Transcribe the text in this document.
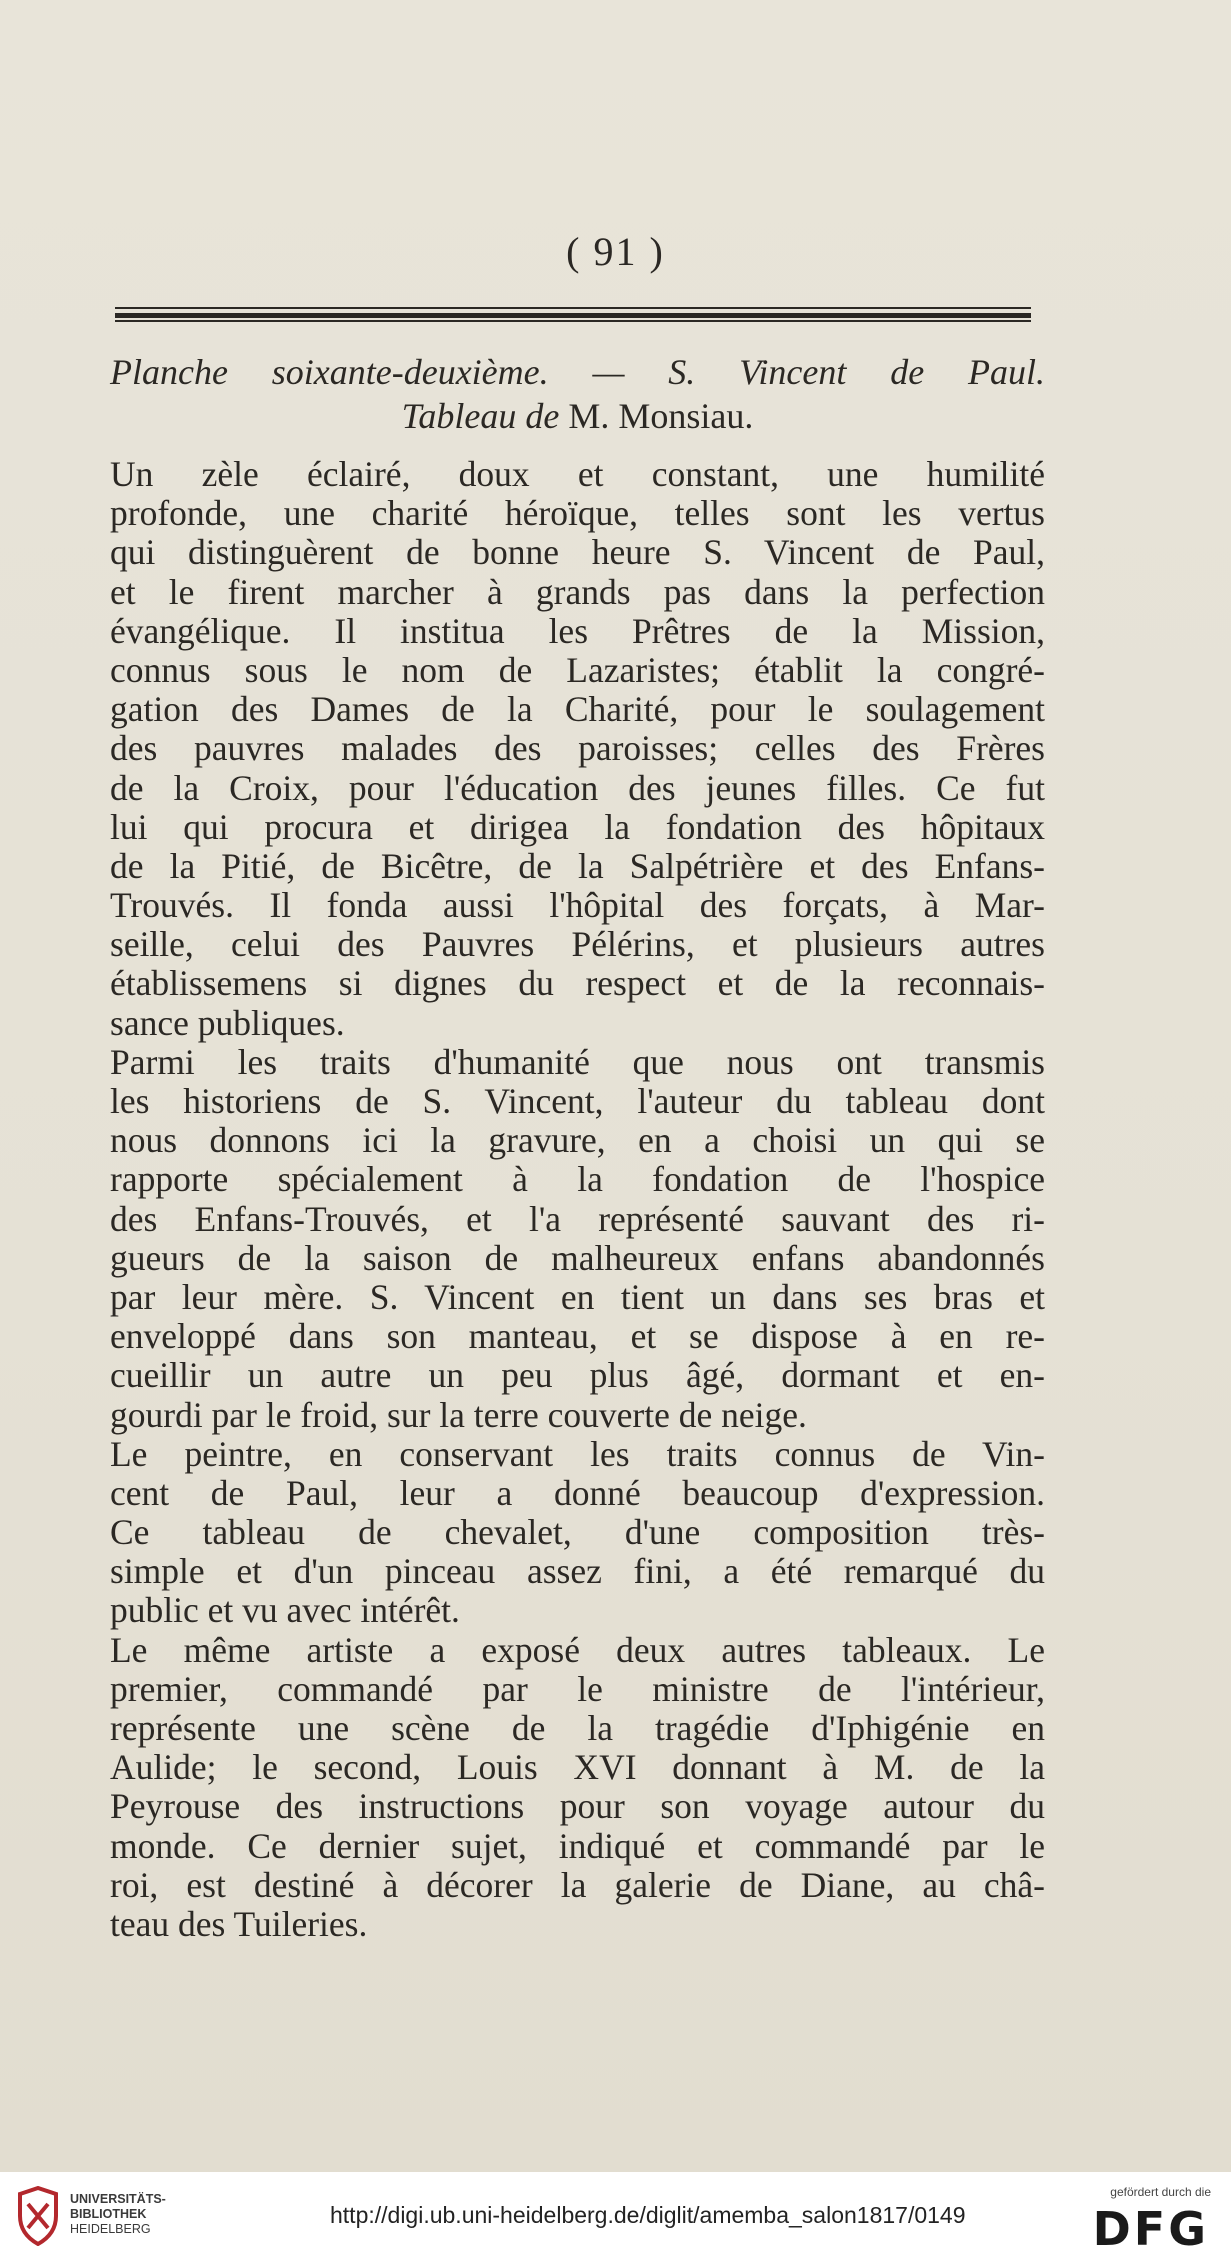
( 91 )
Planche soixante-deuxième. — S. Vincent de Paul.
Tableau de M. Monsiau.
Un zèle éclairé, doux et constant, une humilité
profonde, une charité héroïque, telles sont les vertus
qui distinguèrent de bonne heure S. Vincent de Paul,
et le firent marcher à grands pas dans la perfection
évangélique. Il institua les Prêtres de la Mission,
connus sous le nom de Lazaristes; établit la congré-
gation des Dames de la Charité, pour le soulagement
des pauvres malades des paroisses; celles des Frères
de la Croix, pour l'éducation des jeunes filles. Ce fut
lui qui procura et dirigea la fondation des hôpitaux
de la Pitié, de Bicêtre, de la Salpétrière et des Enfans-
Trouvés. Il fonda aussi l'hôpital des forçats, à Mar-
seille, celui des Pauvres Pélérins, et plusieurs autres
établissemens si dignes du respect et de la reconnais-
sance publiques.
Parmi les traits d'humanité que nous ont transmis
les historiens de S. Vincent, l'auteur du tableau dont
nous donnons ici la gravure, en a choisi un qui se
rapporte spécialement à la fondation de l'hospice
des Enfans-Trouvés, et l'a représenté sauvant des ri-
gueurs de la saison de malheureux enfans abandonnés
par leur mère. S. Vincent en tient un dans ses bras et
enveloppé dans son manteau, et se dispose à en re-
cueillir un autre un peu plus âgé, dormant et en-
gourdi par le froid, sur la terre couverte de neige.
Le peintre, en conservant les traits connus de Vin-
cent de Paul, leur a donné beaucoup d'expression.
Ce tableau de chevalet, d'une composition très-
simple et d'un pinceau assez fini, a été remarqué du
public et vu avec intérêt.
Le même artiste a exposé deux autres tableaux. Le
premier, commandé par le ministre de l'intérieur,
représente une scène de la tragédie d'Iphigénie en
Aulide; le second, Louis XVI donnant à M. de la
Peyrouse des instructions pour son voyage autour du
monde. Ce dernier sujet, indiqué et commandé par le
roi, est destiné à décorer la galerie de Diane, au châ-
teau des Tuileries.
UNIVERSITÄTS-
BIBLIOTHEK
HEIDELBERG
http://digi.ub.uni-heidelberg.de/diglit/amemba_salon1817/0149
gefördert durch die
DFG
